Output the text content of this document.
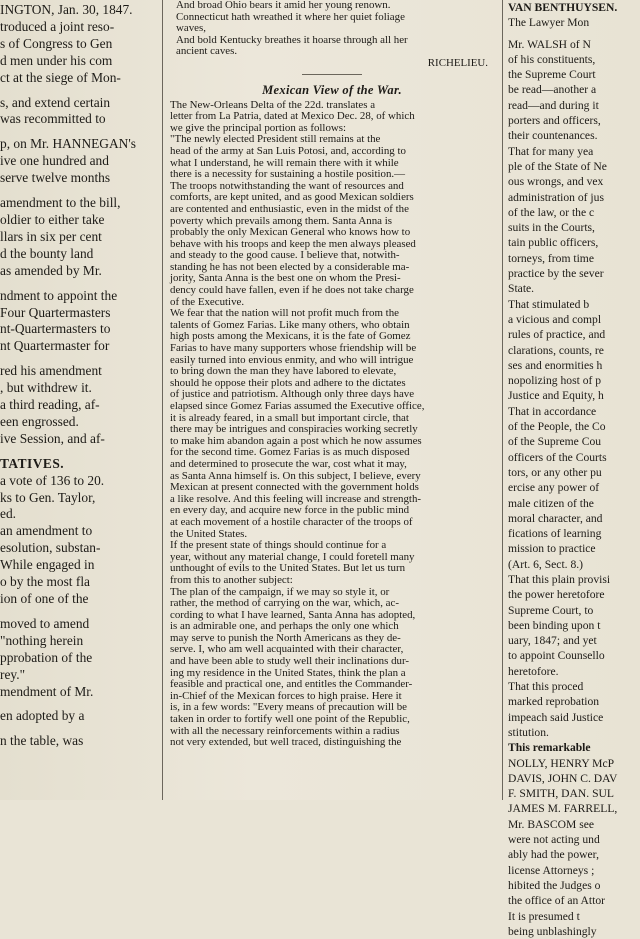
INGTON, Jan. 30, 1847.
troduced a joint reso-
s of Congress to Gen
d men under his com
ct at the siege of Mon-
s, and extend certain
was recommitted to
p, on Mr. HANNEGAN's
ive one hundred and
serve twelve months
amendment to the bill,
oldier to either take
llars in six per cent
d the bounty land
as amended by Mr.
ndment to appoint the
Four Quartermasters
nt-Quartermasters to
nt Quartermaster for
red his amendment
, but withdrew it.
a third reading, af-
een engrossed.
ive Session, and af-
TATIVES.
a vote of 136 to 20.
ks to Gen. Taylor,
ed.
an amendment to
esolution, substan-
While engaged in
o by the most fla
ion of one of the
moved to amend
"nothing herein
pprobation of the
rey."
mendment of Mr.
en adopted by a
n the table, was
And broad Ohio bears it amid her young renown.
Connecticut hath wreathed it where her quiet foliage
waves,
And bold Kentucky breathes it hoarse through all her
ancient caves.
RICHELIEU.
Mexican View of the War.
The New-Orleans Delta of the 22d. translates a
letter from La Patria, dated at Mexico Dec. 28, of which
we give the principal portion as follows:
"The newly elected President still remains at the
head of the army at San Luis Potosi, and, according to
what I understand, he will remain there with it while
there is a necessity for sustaining a hostile position.—
The troops notwithstanding the want of resources and
comforts, are kept united, and as good Mexican soldiers
are contented and enthusiastic, even in the midst of the
poverty which prevails among them. Santa Anna is
probably the only Mexican General who knows how to
behave with his troops and keep the men always pleased
and steady to the good cause. I believe that, notwith-
standing he has not been elected by a considerable ma-
jority, Santa Anna is the best one on whom the Presi-
dency could have fallen, even if he does not take charge
of the Executive.
We fear that the nation will not profit much from the
talents of Gomez Farias. Like many others, who obtain
high posts among the Mexicans, it is the fate of Gomez
Farias to have many supporters whose friendship will be
easily turned into envious enmity, and who will intrigue
to bring down the man they have labored to elevate,
should he oppose their plots and adhere to the dictates
of justice and patriotism. Although only three days have
elapsed since Gomez Farias assumed the Executive office,
it is already feared, in a small but important circle, that
there may be intrigues and conspiracies working secretly
to make him abandon again a post which he now assumes
for the second time. Gomez Farias is as much disposed
and determined to prosecute the war, cost what it may,
as Santa Anna himself is. On this subject, I believe, every
Mexican at present connected with the government holds
a like resolve. And this feeling will increase and strength-
en every day, and acquire new force in the public mind
at each movement of a hostile character of the troops of
the United States.
If the present state of things should continue for a
year, without any material change, I could foretell many
unthought of evils to the United States. But let us turn
from this to another subject:
The plan of the campaign, if we may so style it, or
rather, the method of carrying on the war, which, ac-
cording to what I have learned, Santa Anna has adopted,
is an admirable one, and perhaps the only one which
may serve to punish the North Americans as they de-
serve. I, who am well acquainted with their character,
and have been able to study well their inclinations dur-
ing my residence in the United States, think the plan a
feasible and practical one, and entitles the Commander-
in-Chief of the Mexican forces to high praise. Here it
is, in a few words: "Every means of precaution will be
taken in order to fortify well one point of the Republic,
with all the necessary reinforcements within a radius
not very extended, but well traced, distinguishing the
VAN BENTHUYSEN.
The Lawyer Mon
Mr. WALSH of N
of his constituents,
the Supreme Court
be read—another a
read—and during it
porters and officers,
their countenances.
That for many yea
ple of the State of Ne
ous wrongs, and vex
administration of jus
of the law, or the c
suits in the Courts,
tain public officers,
torneys, from time
practice by the sever
State.
That stimulated b
a vicious and compl
rules of practice, and
clarations, counts, re
ses and enormities h
nopolizing host of p
Justice and Equity, h
That in accordance
of the People, the Co
of the Supreme Cou
officers of the Courts
tors, or any other pu
ercise any power of
male citizen of the
moral character, and
fications of learning
mission to practice
(Art. 6, Sect. 8.)
That this plain provisi
the power heretofore
Supreme Court, to
been binding upon t
uary, 1847; and yet
to appoint Counsello
heretofore.
That this proced
marked reprobation
impeach said Justice
stitution.
This remarkable
NOLLY, HENRY McP
DAVIS, JOHN C. DAV
F. SMITH, DAN. SUL
JAMES M. FARRELL,
Mr. BASCOM see
were not acting und
ably had the power,
license Attorneys ;
hibited the Judges o
the office of an Attor
It is presumed t
being unblashingly
